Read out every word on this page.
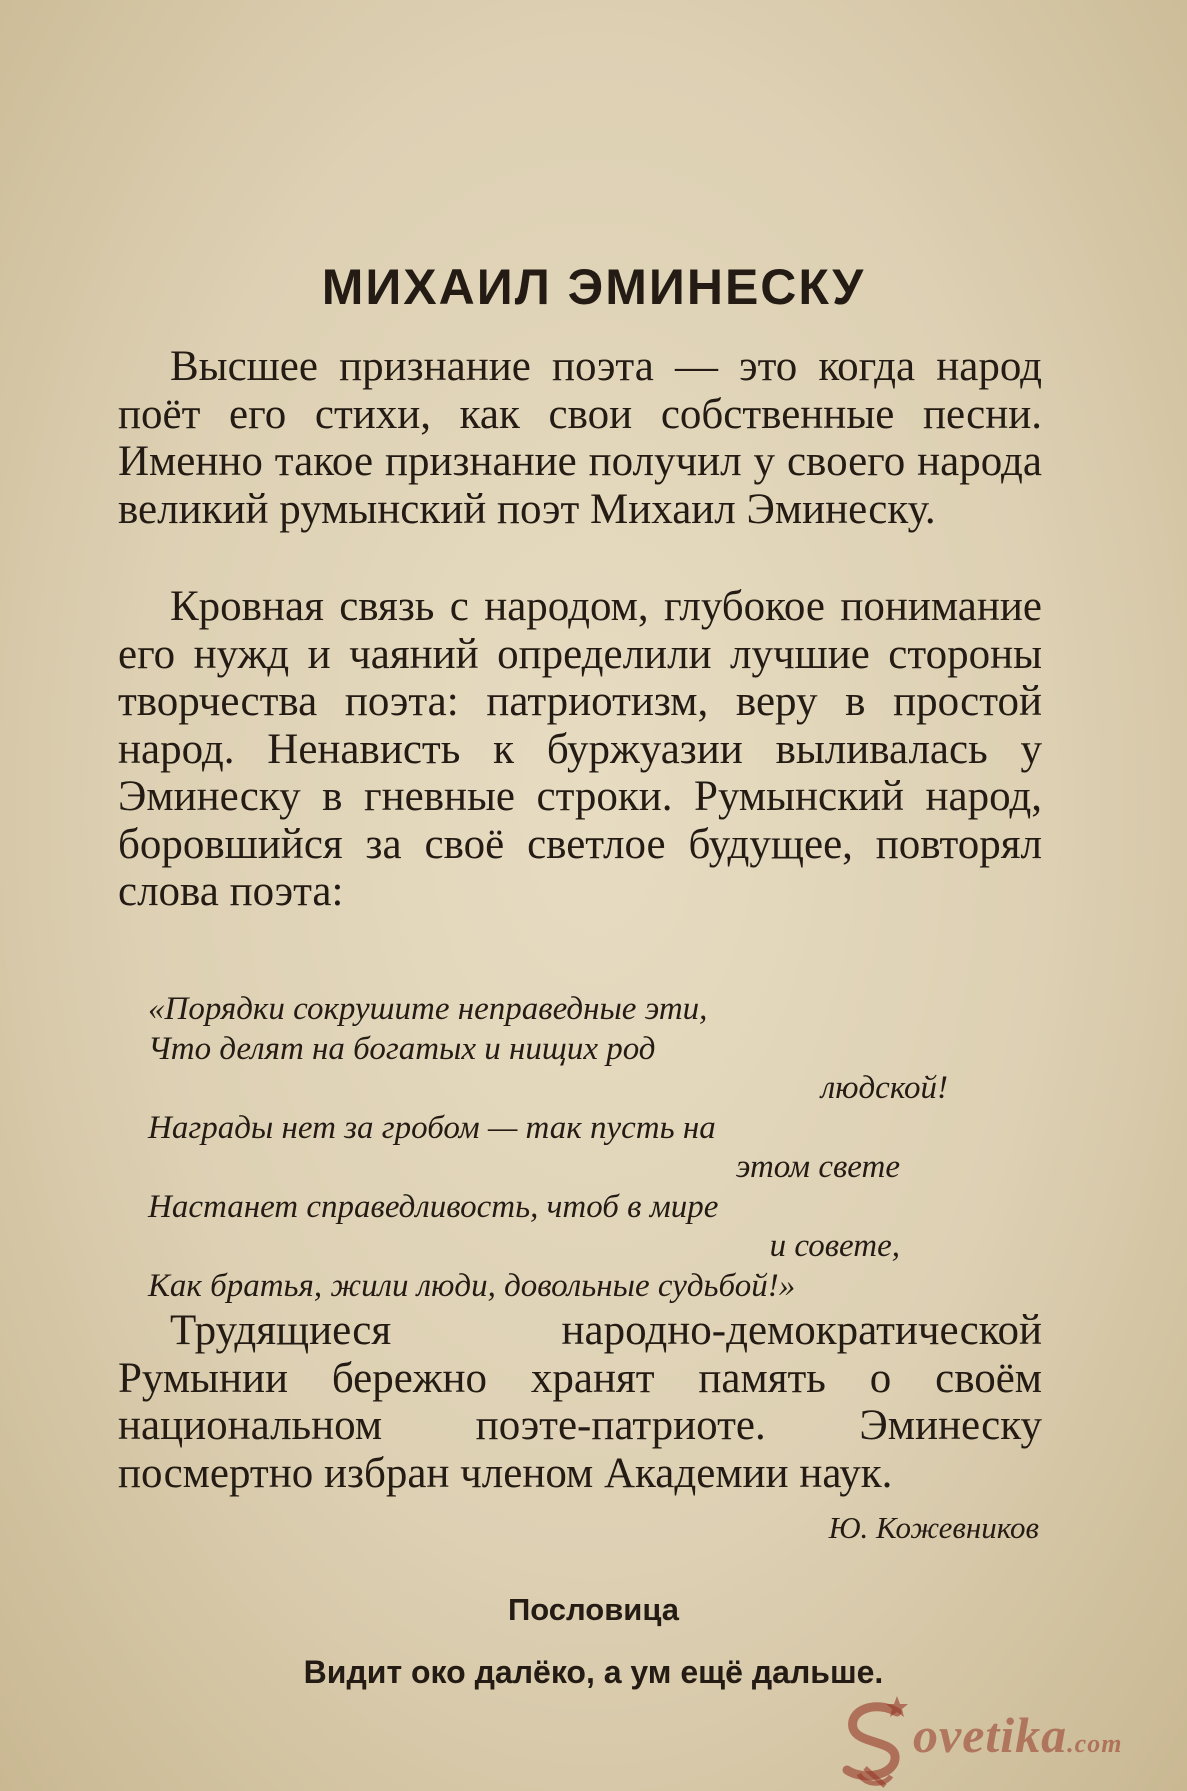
МИХАИЛ ЭМИНЕСКУ

Высшее признание поэта — это когда народ поёт его стихи, как свои собственные песни. Именно такое признание получил у своего народа великий румынский поэт Михаил Эминеску.

Кровная связь с народом, глубокое понимание его нужд и чаяний определили лучшие стороны творчества поэта: патриотизм, веру в простой народ. Ненависть к буржуазии выливалась у Эминеску в гневные строки. Румынский народ, боровшийся за своё светлое будущее, повторял слова поэта:

«Порядки сокрушите неправедные эти,
Что делят на богатых и нищих род
людской!
Награды нет за гробом — так пусть на
этом свете
Настанет справедливость, чтоб в мире
и совете,
Как братья, жили люди, довольные судьбой!»

Трудящиеся народно-демократической Румынии бережно хранят память о своём национальном поэте-патриоте. Эминеску посмертно избран членом Академии наук.

Ю. Кожевников
Пословица
Видит око далёко, а ум ещё дальше.
ovetika.com
